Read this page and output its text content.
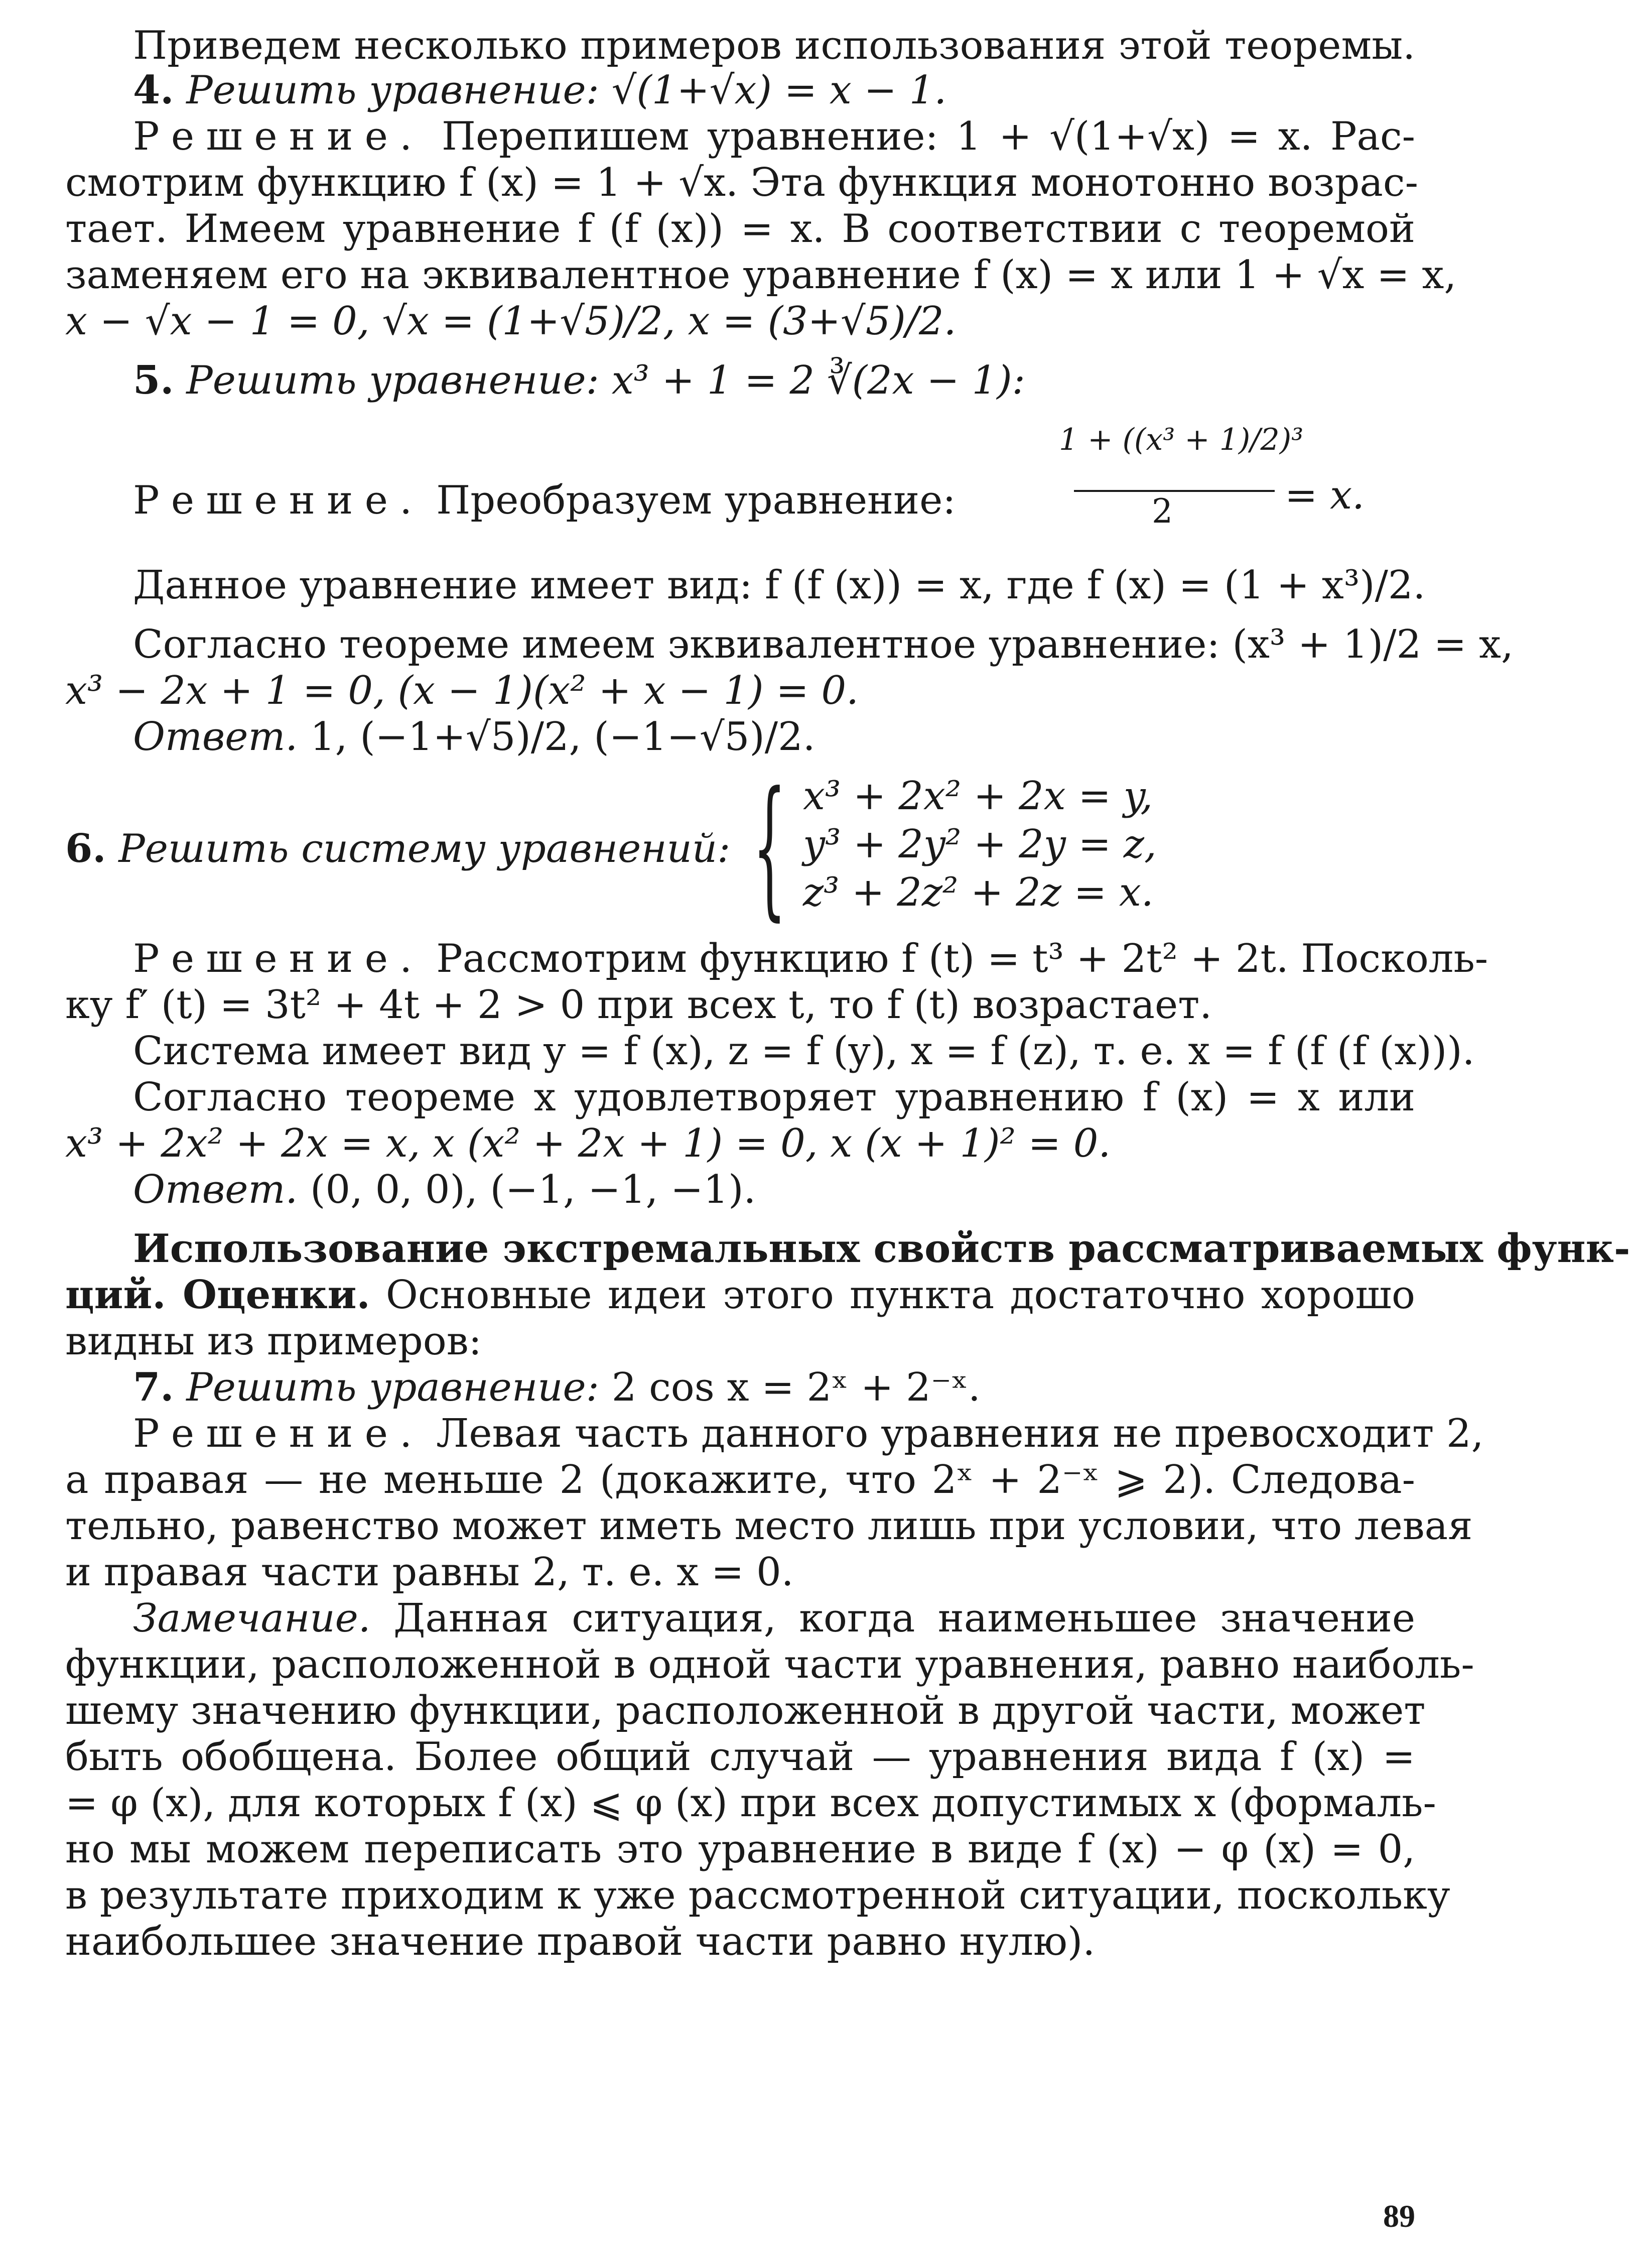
Приведем несколько примеров использования этой теоремы.
4. Решить уравнение: √(1+√x) = x − 1.
Решение. Перепишем уравнение: 1 + √(1+√x) = x. Рас-
смотрим функцию f (x) = 1 + √x. Эта функция монотонно возрас-
тает. Имеем уравнение f (f (x)) = x. В соответствии с теоремой
заменяем его на эквивалентное уравнение f (x) = x или 1 + √x = x,
x − √x − 1 = 0, √x = (1+√5)/2, x = (3+√5)/2.
5. Решить уравнение: x³ + 1 = 2 ∛(2x − 1):
Решение. Преобразуем уравнение:
1 + ((x³ + 1)/2)³
2	= x.
Данное уравнение имеет вид: f (f (x)) = x, где f (x) = (1 + x³)/2.
Согласно теореме имеем эквивалентное уравнение: (x³ + 1)/2 = x,
x³ − 2x + 1 = 0, (x − 1)(x² + x − 1) = 0.
Ответ. 1, (−1+√5)/2, (−1−√5)/2.
6. Решить систему уравнений: { x³ + 2x² + 2x = y,
y³ + 2y² + 2y = z,
z³ + 2z² + 2z = x.
Решение. Рассмотрим функцию f (t) = t³ + 2t² + 2t. Посколь-
ку f′ (t) = 3t² + 4t + 2 > 0 при всех t, то f (t) возрастает.
Система имеет вид y = f (x), z = f (y), x = f (z), т. е. x = f (f (f (x))).
Согласно теореме x удовлетворяет уравнению f (x) = x или
x³ + 2x² + 2x = x, x (x² + 2x + 1) = 0, x (x + 1)² = 0.
Ответ. (0, 0, 0), (−1, −1, −1).
Использование экстремальных свойств рассматриваемых функ-
ций. Оценки. Основные идеи этого пункта достаточно хорошо
видны из примеров:
7. Решить уравнение: 2 cos x = 2ˣ + 2⁻ˣ.
Решение. Левая часть данного уравнения не превосходит 2,
а правая — не меньше 2 (докажите, что 2ˣ + 2⁻ˣ ⩾ 2). Следова-
тельно, равенство может иметь место лишь при условии, что левая
и правая части равны 2, т. е. x = 0.
Замечание. Данная ситуация, когда наименьшее значение
функции, расположенной в одной части уравнения, равно наиболь-
шему значению функции, расположенной в другой части, может
быть обобщена. Более общий случай — уравнения вида f (x) =
= φ (x), для которых f (x) ⩽ φ (x) при всех допустимых x (формаль-
но мы можем переписать это уравнение в виде f (x) − φ (x) = 0,
в результате приходим к уже рассмотренной ситуации, поскольку
наибольшее значение правой части равно нулю).
89
